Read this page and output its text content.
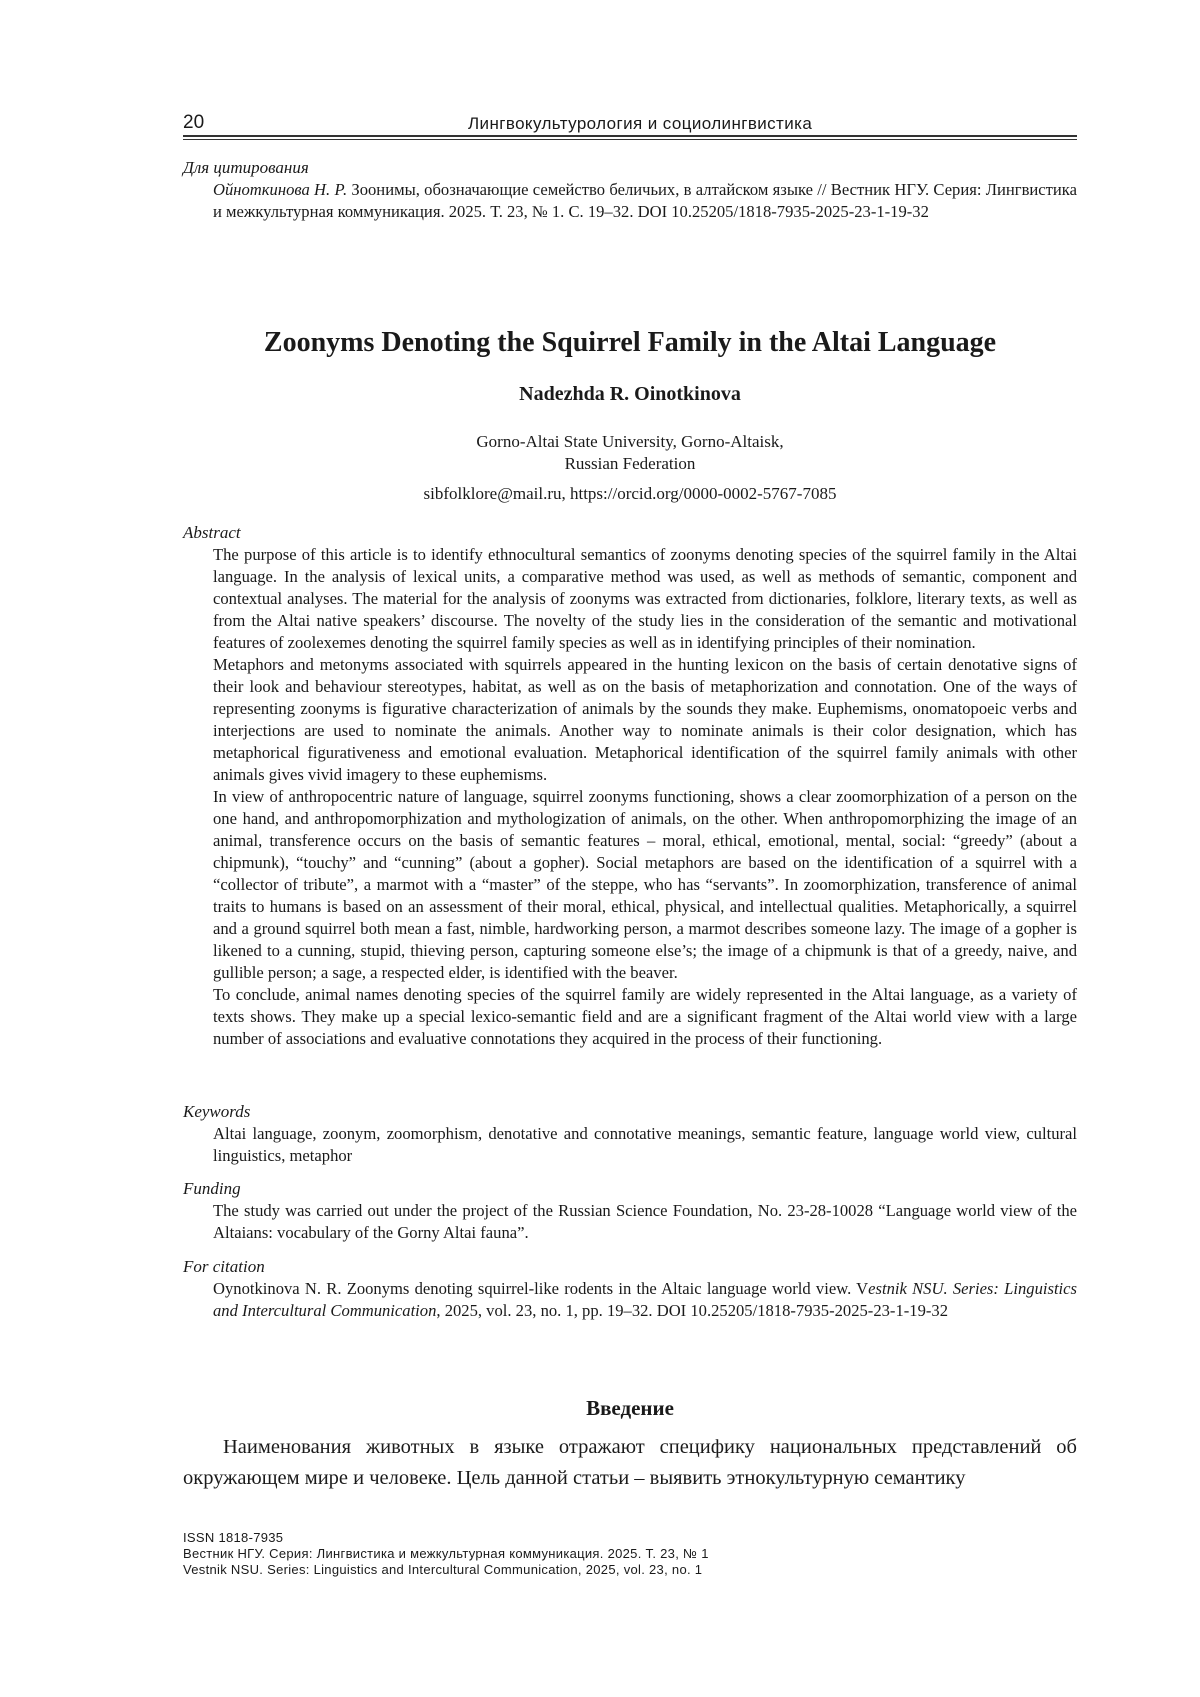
20	Лингвокультурология и социолингвистика
Для цитирования
Ойноткинова Н. Р. Зоонимы, обозначающие семейство беличьих, в алтайском языке // Вестник НГУ. Серия: Лингвистика и межкультурная коммуникация. 2025. Т. 23, № 1. С. 19–32. DOI 10.25205/1818-7935-2025-23-1-19-32
Zoonyms Denoting the Squirrel Family in the Altai Language
Nadezhda R. Oinotkinova
Gorno-Altai State University, Gorno-Altaisk,
Russian Federation
sibfolklore@mail.ru, https://orcid.org/0000-0002-5767-7085
Abstract

The purpose of this article is to identify ethnocultural semantics of zoonyms denoting species of the squirrel family in the Altai language. In the analysis of lexical units, a comparative method was used, as well as methods of semantic, component and contextual analyses. The material for the analysis of zoonyms was extracted from dictionaries, folklore, literary texts, as well as from the Altai native speakers’ discourse. The novelty of the study lies in the consideration of the semantic and motivational features of zoolexemes denoting the squirrel family species as well as in identifying principles of their nomination.

Metaphors and metonyms associated with squirrels appeared in the hunting lexicon on the basis of certain denotative signs of their look and behaviour stereotypes, habitat, as well as on the basis of metaphorization and connotation. One of the ways of representing zoonyms is figurative characterization of animals by the sounds they make. Euphemisms, onomatopoeic verbs and interjections are used to nominate the animals. Another way to nominate animals is their color designation, which has metaphorical figurativeness and emotional evaluation. Metaphorical identification of the squirrel family animals with other animals gives vivid imagery to these euphemisms.

In view of anthropocentric nature of language, squirrel zoonyms functioning, shows a clear zoomorphization of a person on the one hand, and anthropomorphization and mythologization of animals, on the other. When anthropomorphizing the image of an animal, transference occurs on the basis of semantic features – moral, ethical, emotional, mental, social: “greedy” (about a chipmunk), “touchy” and “cunning” (about a gopher). Social metaphors are based on the identification of a squirrel with a “collector of tribute”, a marmot with a “master” of the steppe, who has “servants”. In zoomorphization, transference of animal traits to humans is based on an assessment of their moral, ethical, physical, and intellectual qualities. Metaphorically, a squirrel and a ground squirrel both mean a fast, nimble, hardworking person, a marmot describes someone lazy. The image of a gopher is likened to a cunning, stupid, thieving person, capturing someone else’s; the image of a chipmunk is that of a greedy, naive, and gullible person; a sage, a respected elder, is identified with the beaver.

To conclude, animal names denoting species of the squirrel family are widely represented in the Altai language, as a variety of texts shows. They make up a special lexico-semantic field and are a significant fragment of the Altai world view with a large number of associations and evaluative connotations they acquired in the process of their functioning.

Keywords
Altai language, zoonym, zoomorphism, denotative and connotative meanings, semantic feature, language world view, cultural linguistics, metaphor
Funding
The study was carried out under the project of the Russian Science Foundation, No. 23-28-10028 “Language world view of the Altaians: vocabulary of the Gorny Altai fauna”.
For citation
Oynotkinova N. R. Zoonyms denoting squirrel-like rodents in the Altaic language world view. Vestnik NSU. Series: Linguistics and Intercultural Communication, 2025, vol. 23, no. 1, pp. 19–32. DOI 10.25205/1818-7935-2025-23-1-19-32
Введение

Наименования животных в языке отражают специфику национальных представлений об окружающем мире и человеке. Цель данной статьи – выявить этнокультурную семантику

ISSN 1818-7935
Вестник НГУ. Серия: Лингвистика и межкультурная коммуникация. 2025. Т. 23, № 1
Vestnik NSU. Series: Linguistics and Intercultural Communication, 2025, vol. 23, no. 1
